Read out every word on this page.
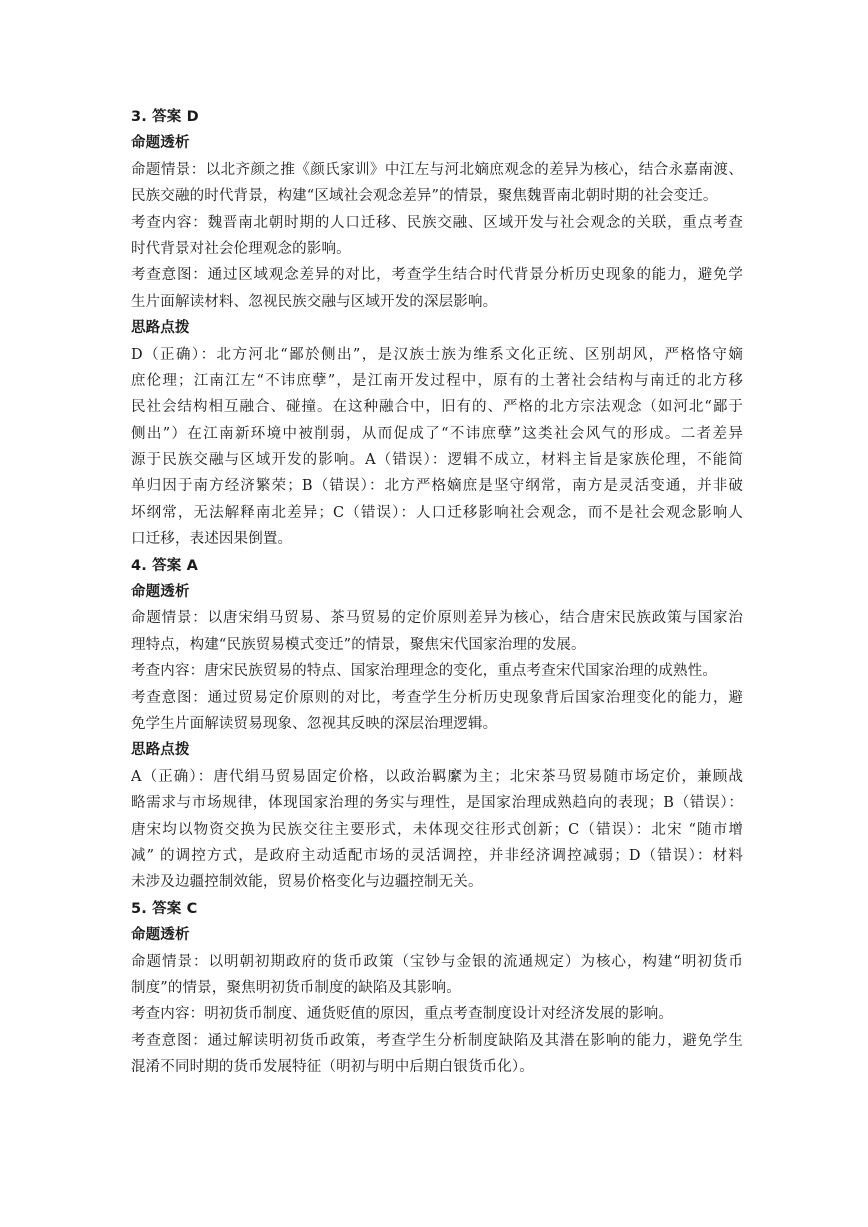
3. 答案 D
命题透析
命题情景：以北齐颜之推《颜氏家训》中江左与河北嫡庶观念的差异为核心，结合永嘉南渡、
民族交融的时代背景，构建“区域社会观念差异”的情景，聚焦魏晋南北朝时期的社会变迁。
考查内容：魏晋南北朝时期的人口迁移、民族交融、区域开发与社会观念的关联，重点考查
时代背景对社会伦理观念的影响。
考查意图：通过区域观念差异的对比，考查学生结合时代背景分析历史现象的能力，避免学
生片面解读材料、忽视民族交融与区域开发的深层影响。
思路点拨
D（正确）：北方河北“鄙於侧出”，是汉族士族为维系文化正统、区别胡风，严格恪守嫡
庶伦理；江南江左“不讳庶孽”，是江南开发过程中，原有的土著社会结构与南迁的北方移
民社会结构相互融合、碰撞。在这种融合中，旧有的、严格的北方宗法观念（如河北“鄙于
侧出”）在江南新环境中被削弱，从而促成了“不讳庶孽”这类社会风气的形成。二者差异
源于民族交融与区域开发的影响。A（错误）：逻辑不成立，材料主旨是家族伦理，不能简
单归因于南方经济繁荣；B（错误）：北方严格嫡庶是坚守纲常，南方是灵活变通，并非破
坏纲常，无法解释南北差异；C（错误）：人口迁移影响社会观念，而不是社会观念影响人
口迁移，表述因果倒置。
4. 答案 A
命题透析
命题情景：以唐宋绢马贸易、茶马贸易的定价原则差异为核心，结合唐宋民族政策与国家治
理特点，构建“民族贸易模式变迁”的情景，聚焦宋代国家治理的发展。
考查内容：唐宋民族贸易的特点、国家治理理念的变化，重点考查宋代国家治理的成熟性。
考查意图：通过贸易定价原则的对比，考查学生分析历史现象背后国家治理变化的能力，避
免学生片面解读贸易现象、忽视其反映的深层治理逻辑。
思路点拨
A（正确）：唐代绢马贸易固定价格，以政治羁縻为主；北宋茶马贸易随市场定价，兼顾战
略需求与市场规律，体现国家治理的务实与理性，是国家治理成熟趋向的表现；B（错误）：
唐宋均以物资交换为民族交往主要形式，未体现交往形式创新；C（错误）：北宋 “随市增
减” 的调控方式，是政府主动适配市场的灵活调控，并非经济调控减弱；D（错误）：材料
未涉及边疆控制效能，贸易价格变化与边疆控制无关。
5. 答案 C
命题透析
命题情景：以明朝初期政府的货币政策（宝钞与金银的流通规定）为核心，构建“明初货币
制度”的情景，聚焦明初货币制度的缺陷及其影响。
考查内容：明初货币制度、通货贬值的原因，重点考查制度设计对经济发展的影响。
考查意图：通过解读明初货币政策，考查学生分析制度缺陷及其潜在影响的能力，避免学生
混淆不同时期的货币发展特征（明初与明中后期白银货币化）。
